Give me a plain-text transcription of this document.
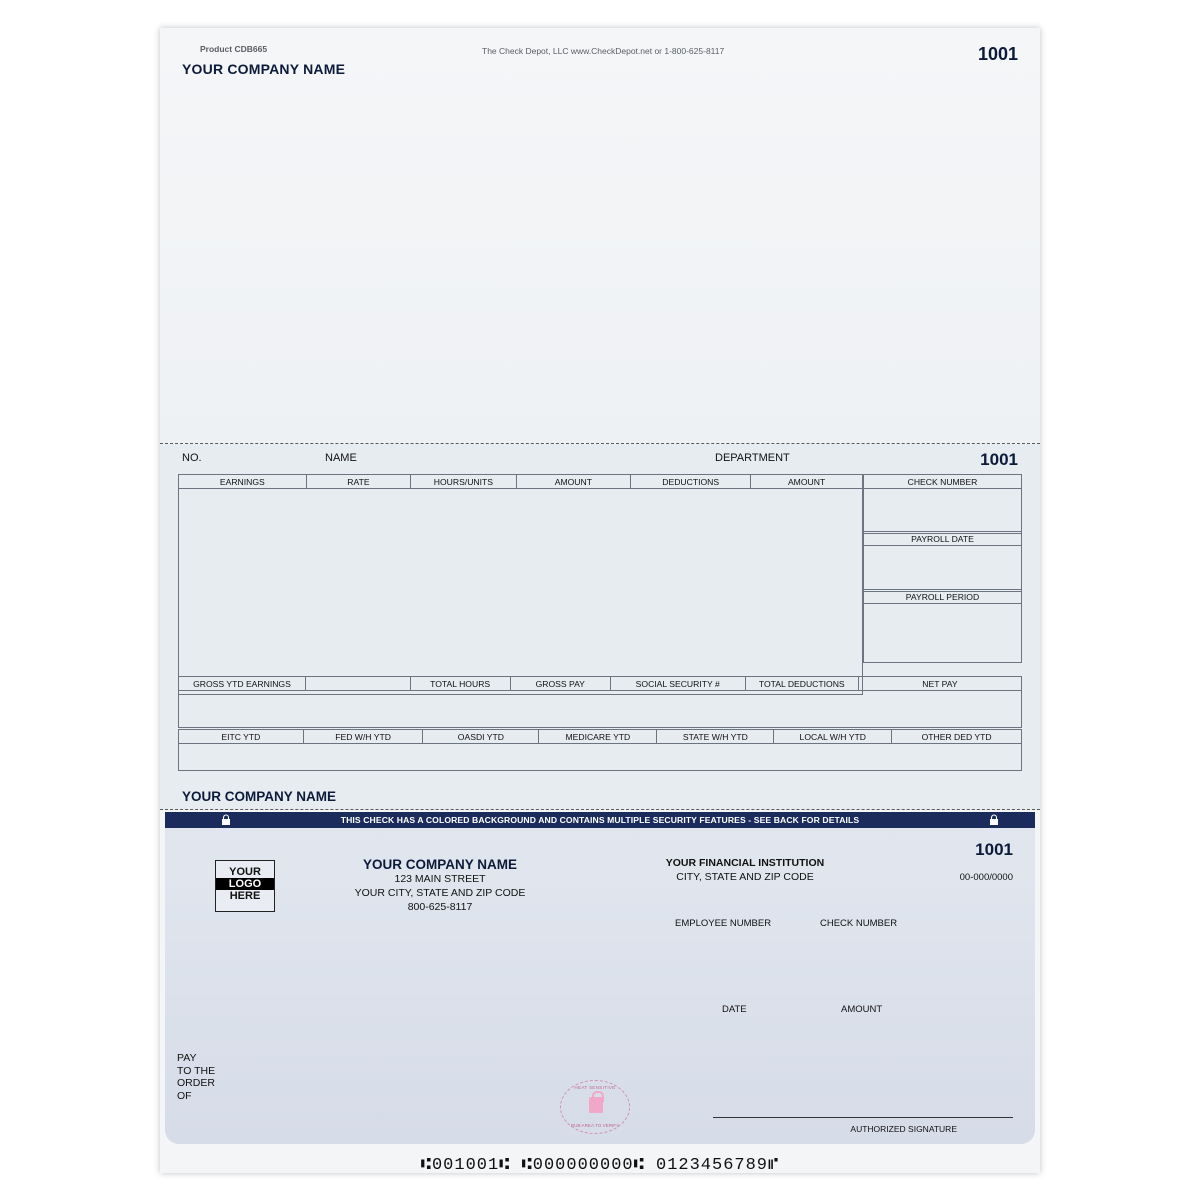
Product CDB665	The Check Depot, LLC www.CheckDepot.net or 1-800-625-8117
YOUR COMPANY NAME
1001
NO.	NAME	DEPARTMENT	1001
EARNINGS	RATE	HOURS/UNITS	AMOUNT	DEDUCTIONS	AMOUNT	CHECK NUMBER

PAYROLL DATE

PAYROLL PERIOD

GROSS YTD EARNINGS		TOTAL HOURS	GROSS PAY	SOCIAL SECURITY #	TOTAL DEDUCTIONS	NET PAY

EITC YTD	FED W/H YTD	OASDI YTD	MEDICARE YTD	STATE W/H YTD	LOCAL W/H YTD	OTHER DED YTD

YOUR COMPANY NAME
THIS CHECK HAS A COLORED BACKGROUND AND CONTAINS MULTIPLE SECURITY FEATURES - SEE BACK FOR DETAILS
YOUR
LOGO
HERE
YOUR COMPANY NAME
123 MAIN STREET
YOUR CITY, STATE AND ZIP CODE
800-625-8117
YOUR FINANCIAL INSTITUTION
CITY, STATE AND ZIP CODE
1001
00-000/0000
EMPLOYEE NUMBER	CHECK NUMBER
DATE	AMOUNT
PAY
TO THE
ORDER
OF
HEAT SENSITIVE
RUB AREA TO VERIFY	AUTHORIZED SIGNATURE
⑆001001⑆ ⑆000000000⑆ 0123456789⑈
